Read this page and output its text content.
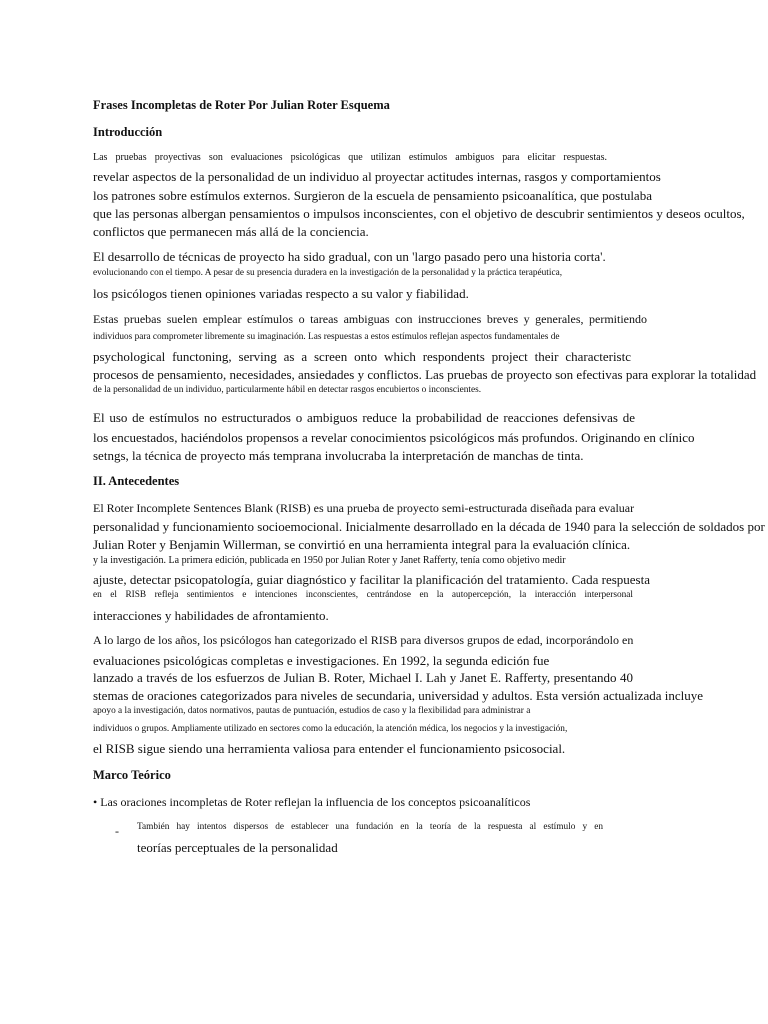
Frases Incompletas de Roter Por Julian Roter Esquema
Introducción
Las pruebas proyectivas son evaluaciones psicológicas que utilizan estímulos ambiguos para elicitar respuestas.
revelar aspectos de la personalidad de un individuo al proyectar actitudes internas, rasgos y comportamientos
los patrones sobre estímulos externos. Surgieron de la escuela de pensamiento psicoanalítica, que postulaba
que las personas albergan pensamientos o impulsos inconscientes, con el objetivo de descubrir sentimientos y deseos ocultos,
conflictos que permanecen más allá de la conciencia.
El desarrollo de técnicas de proyecto ha sido gradual, con un 'largo pasado pero una historia corta'.
evolucionando con el tiempo. A pesar de su presencia duradera en la investigación de la personalidad y la práctica terapéutica,
los psicólogos tienen opiniones variadas respecto a su valor y fiabilidad.
Estas pruebas suelen emplear estímulos o tareas ambiguas con instrucciones breves y generales, permitiendo
individuos para comprometer libremente su imaginación. Las respuestas a estos estímulos reflejan aspectos fundamentales de
psychological functoning, serving as a screen onto which respondents project their characteristc
procesos de pensamiento, necesidades, ansiedades y conflictos. Las pruebas de proyecto son efectivas para explorar la totalidad
de la personalidad de un individuo, particularmente hábil en detectar rasgos encubiertos o inconscientes.
El uso de estímulos no estructurados o ambiguos reduce la probabilidad de reacciones defensivas de
los encuestados, haciéndolos propensos a revelar conocimientos psicológicos más profundos. Originando en clínico
setngs, la técnica de proyecto más temprana involucraba la interpretación de manchas de tinta.
II. Antecedentes
El Roter Incomplete Sentences Blank (RISB) es una prueba de proyecto semi-estructurada diseñada para evaluar
personalidad y funcionamiento socioemocional. Inicialmente desarrollado en la década de 1940 para la selección de soldados por
Julian Roter y Benjamin Willerman, se convirtió en una herramienta integral para la evaluación clínica.
y la investigación. La primera edición, publicada en 1950 por Julian Roter y Janet Rafferty, tenía como objetivo medir
ajuste, detectar psicopatología, guiar diagnóstico y facilitar la planificación del tratamiento. Cada respuesta
en el RISB refleja sentimientos e intenciones inconscientes, centrándose en la autopercepción, la interacción interpersonal
interacciones y habilidades de afrontamiento.
A lo largo de los años, los psicólogos han categorizado el RISB para diversos grupos de edad, incorporándolo en
evaluaciones psicológicas completas e investigaciones. En 1992, la segunda edición fue
lanzado a través de los esfuerzos de Julian B. Roter, Michael I. Lah y Janet E. Rafferty, presentando 40
stemas de oraciones categorizados para niveles de secundaria, universidad y adultos. Esta versión actualizada incluye
apoyo a la investigación, datos normativos, pautas de puntuación, estudios de caso y la flexibilidad para administrar a
individuos o grupos. Ampliamente utilizado en sectores como la educación, la atención médica, los negocios y la investigación,
el RISB sigue siendo una herramienta valiosa para entender el funcionamiento psicosocial.
Marco Teórico
• Las oraciones incompletas de Roter reflejan la influencia de los conceptos psicoanalíticos
- También hay intentos dispersos de establecer una fundación en la teoría de la respuesta al estímulo y en
teorías perceptuales de la personalidad
